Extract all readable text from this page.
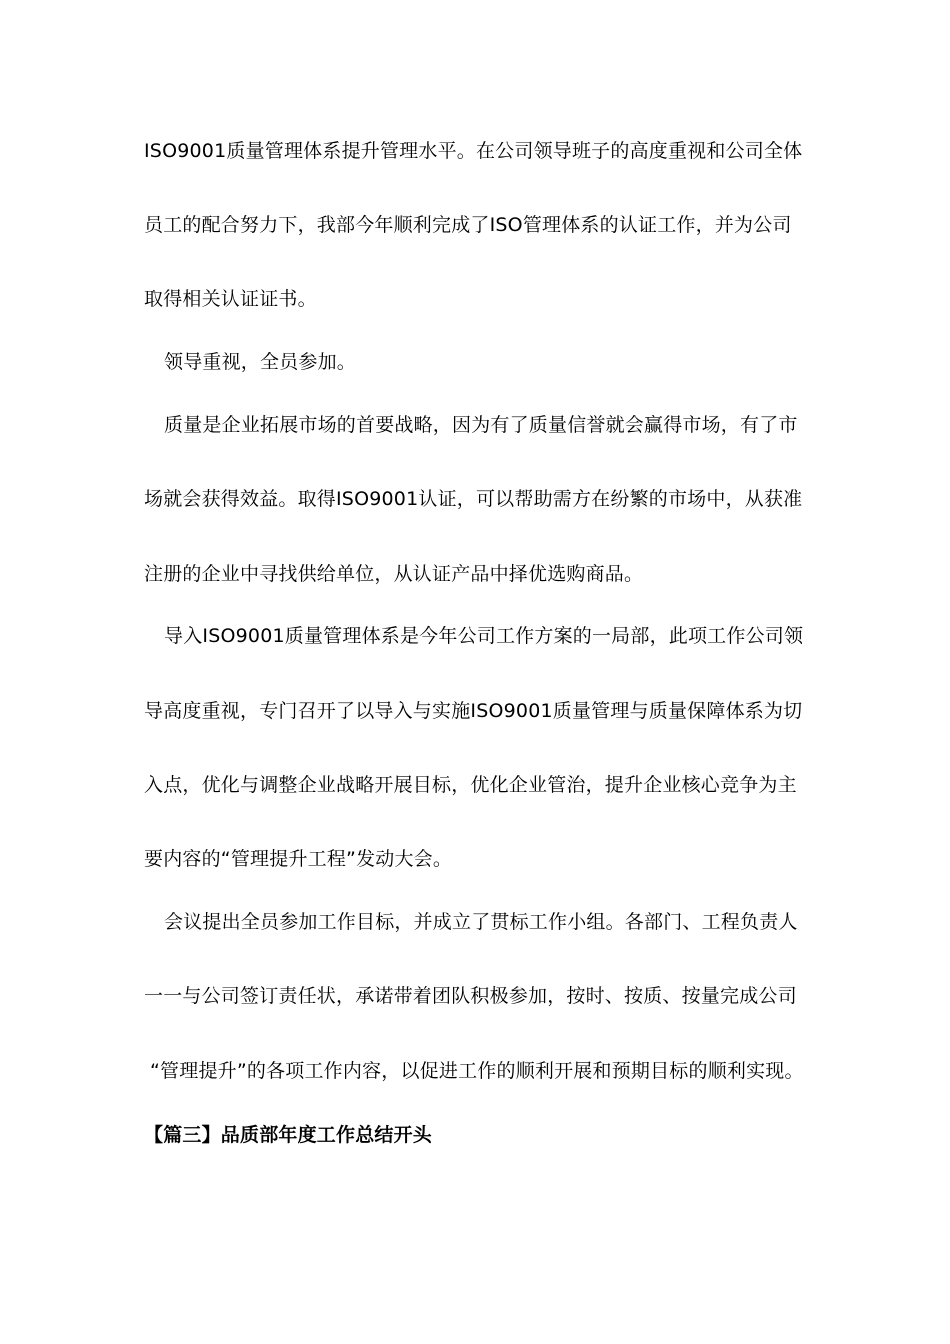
ISO9001质量管理体系提升管理水平。在公司领导班子的高度重视和公司全体
员工的配合努力下，我部今年顺利完成了ISO管理体系的认证工作，并为公司
取得相关认证证书。
领导重视，全员参加。
质量是企业拓展市场的首要战略，因为有了质量信誉就会赢得市场，有了市
场就会获得效益。取得ISO9001认证，可以帮助需方在纷繁的市场中，从获准
注册的企业中寻找供给单位，从认证产品中择优选购商品。
导入ISO9001质量管理体系是今年公司工作方案的一局部，此项工作公司领
导高度重视，专门召开了以导入与实施ISO9001质量管理与质量保障体系为切
入点，优化与调整企业战略开展目标，优化企业管治，提升企业核心竞争为主
要内容的“管理提升工程”发动大会。
会议提出全员参加工作目标，并成立了贯标工作小组。各部门、工程负责人
一一与公司签订责任状，承诺带着团队积极参加，按时、按质、按量完成公司
“管理提升”的各项工作内容，以促进工作的顺利开展和预期目标的顺利实现。
【篇三】品质部年度工作总结开头
